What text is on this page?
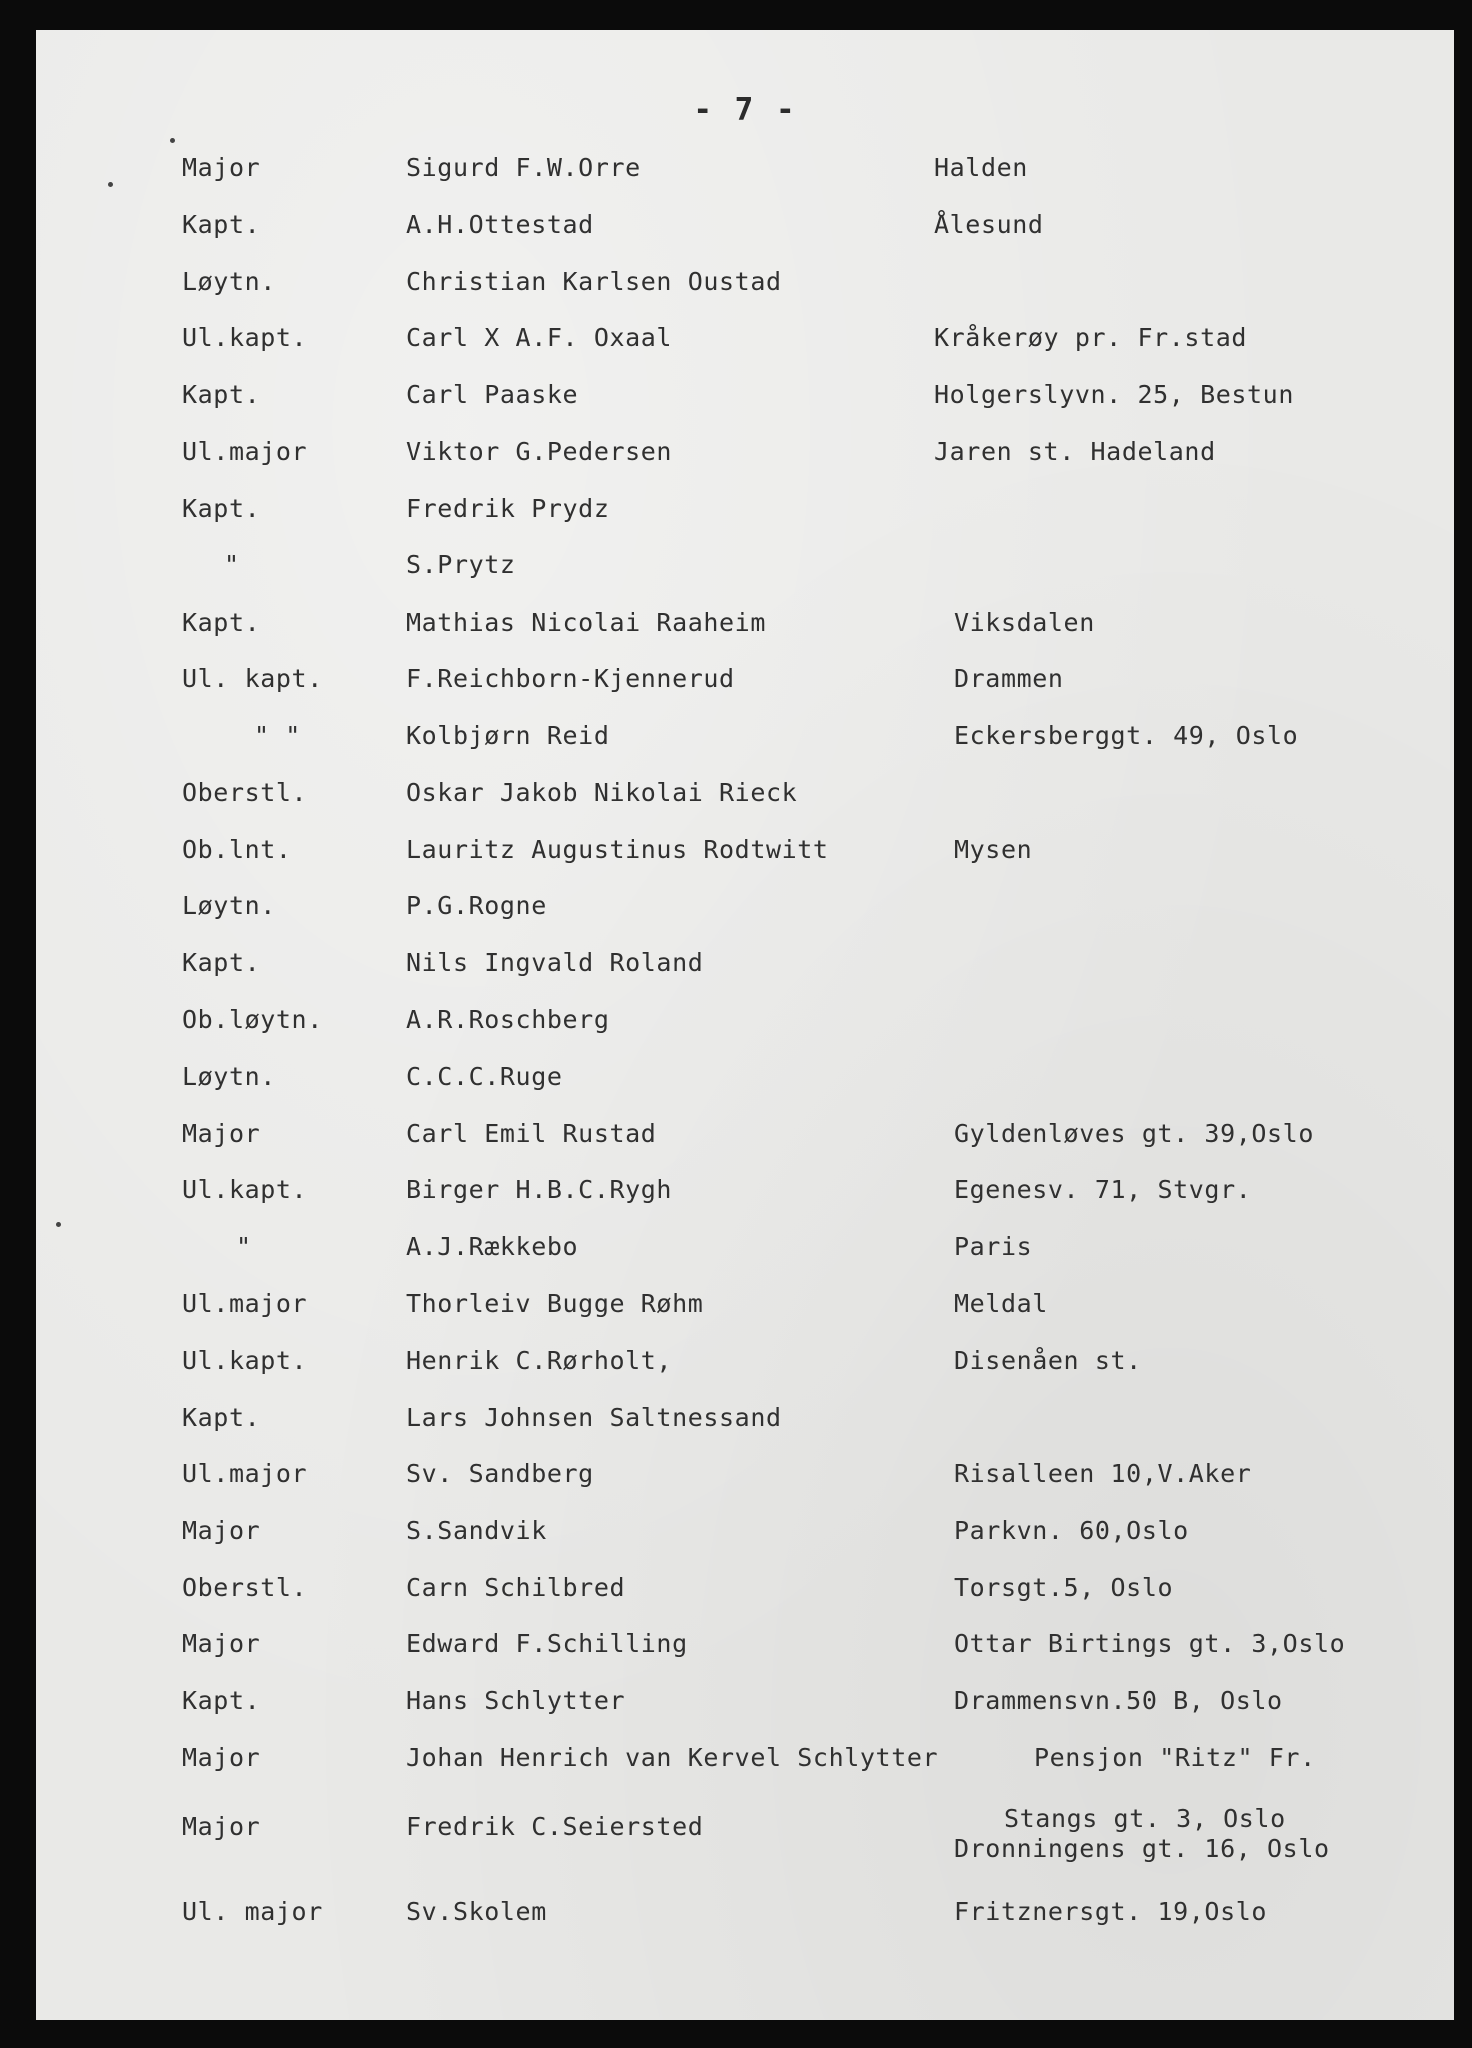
- 7 -
Major	Sigurd F.W.Orre	Halden
Kapt.	A.H.Ottestad	Ålesund
Løytn.	Christian Karlsen Oustad
Ul.kapt.	Carl X A.F. Oxaal	Kråkerøy pr. Fr.stad
Kapt.	Carl Paaske	Holgerslyvn. 25, Bestun
Ul.major	Viktor G.Pedersen	Jaren st. Hadeland
Kapt.	Fredrik Prydz
"	S.Prytz
Kapt.	Mathias Nicolai Raaheim	Viksdalen
Ul. kapt.	F.Reichborn-Kjennerud	Drammen
" "	Kolbjørn Reid	Eckersberggt. 49, Oslo
Oberstl.	Oskar Jakob Nikolai Rieck
Ob.lnt.	Lauritz Augustinus Rodtwitt	Mysen
Løytn.	P.G.Rogne
Kapt.	Nils Ingvald Roland
Ob.løytn.	A.R.Roschberg
Løytn.	C.C.C.Ruge
Major	Carl Emil Rustad	Gyldenløves gt. 39,Oslo
Ul.kapt.	Birger H.B.C.Rygh	Egenesv. 71, Stvgr.
"	A.J.Rækkebo	Paris
Ul.major	Thorleiv Bugge Røhm	Meldal
Ul.kapt.	Henrik C.Rørholt,	Disenåen st.
Kapt.	Lars Johnsen Saltnessand
Ul.major	Sv. Sandberg	Risalleen 10,V.Aker
Major	S.Sandvik	Parkvn. 60,Oslo
Oberstl.	Carn Schilbred	Torsgt.5, Oslo
Major	Edward F.Schilling	Ottar Birtings gt. 3,Oslo
Kapt.	Hans Schlytter	Drammensvn.50 B, Oslo
Major	Johan Henrich van Kervel Schlytter	Pensjon "Ritz" Fr.
Major	Fredrik C.Seiersted	Stangs gt. 3, Oslo
Dronningens gt. 16, Oslo
Ul. major	Sv.Skolem	Fritznersgt. 19,Oslo
